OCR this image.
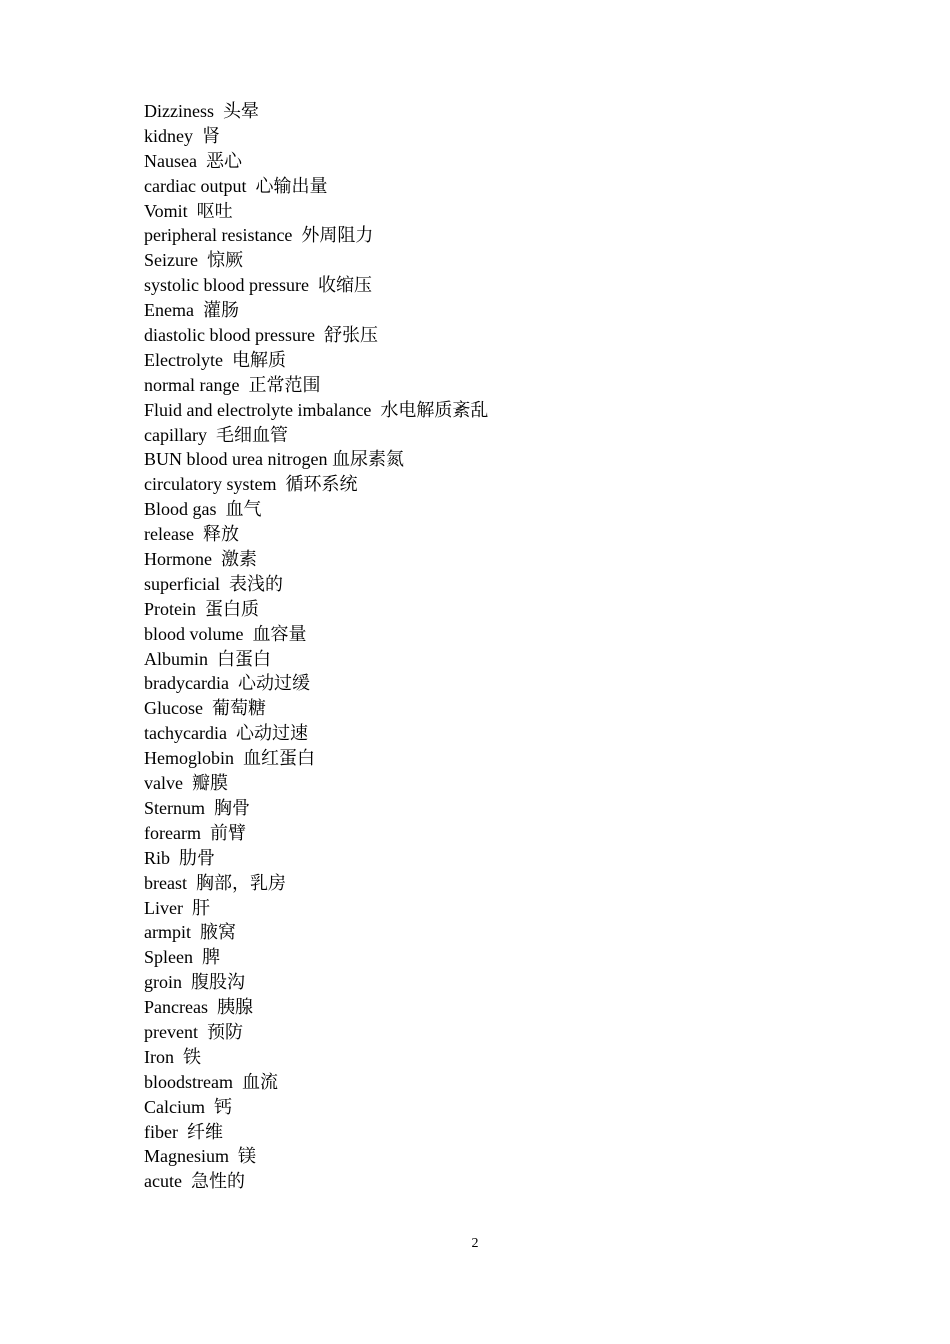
Dizziness  头晕
kidney  肾
Nausea  恶心
cardiac output  心输出量
Vomit  呕吐
peripheral resistance  外周阻力
Seizure  惊厥
systolic blood pressure  收缩压
Enema  灌肠
diastolic blood pressure  舒张压
Electrolyte  电解质
normal range  正常范围
Fluid and electrolyte imbalance  水电解质紊乱
capillary  毛细血管
BUN blood urea nitrogen 血尿素氮
circulatory system  循环系统
Blood gas  血气
release  释放
Hormone  激素
superficial  表浅的
Protein  蛋白质
blood volume  血容量
Albumin  白蛋白
bradycardia  心动过缓
Glucose  葡萄糖
tachycardia  心动过速
Hemoglobin  血红蛋白
valve  瓣膜
Sternum  胸骨
forearm  前臂
Rib  肋骨
breast  胸部，乳房
Liver  肝
armpit  腋窝
Spleen  脾
groin  腹股沟
Pancreas  胰腺
prevent  预防
Iron  铁
bloodstream  血流
Calcium  钙
fiber  纤维
Magnesium  镁
acute  急性的
2
